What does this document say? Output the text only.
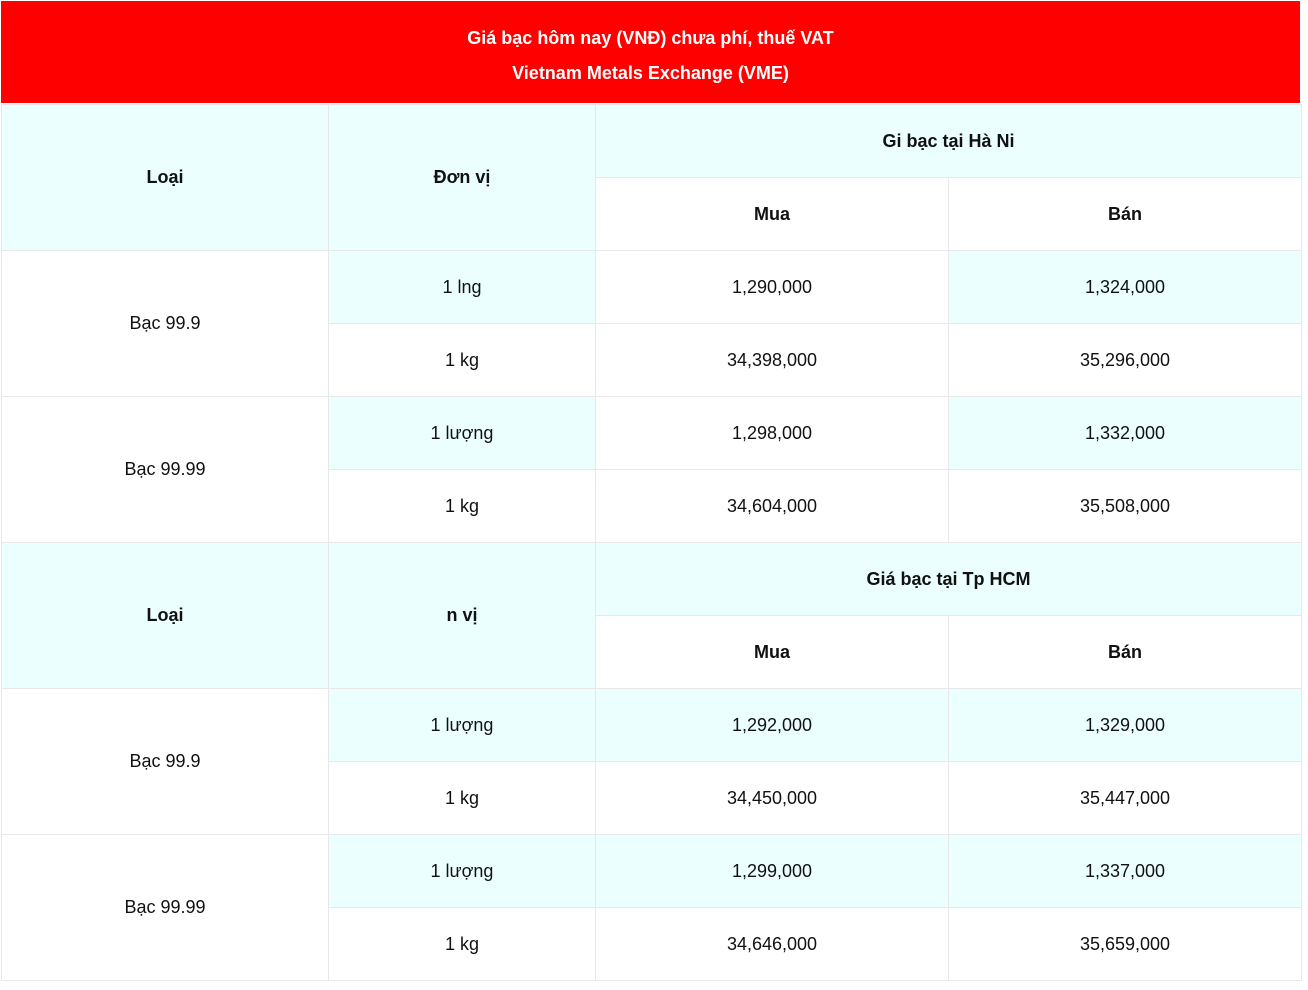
Giá bạc hôm nay (VNĐ) chưa phí, thuế VAT
Vietnam Metals Exchange (VME)
Loại	Đơn vị	Gi bạc tại Hà Ni	
		Mua	Bán
Bạc 99.9	1 lng	1,290,000	1,324,000
	1 kg	34,398,000	35,296,000
Bạc 99.99	1 lượng	1,298,000	1,332,000
	1 kg	34,604,000	35,508,000
Loại	n vị	Giá bạc tại Tp HCM	
		Mua	Bán
Bạc 99.9	1 lượng	1,292,000	1,329,000
	1 kg	34,450,000	35,447,000
Bạc 99.99	1 lượng	1,299,000	1,337,000
	1 kg	34,646,000	35,659,000
